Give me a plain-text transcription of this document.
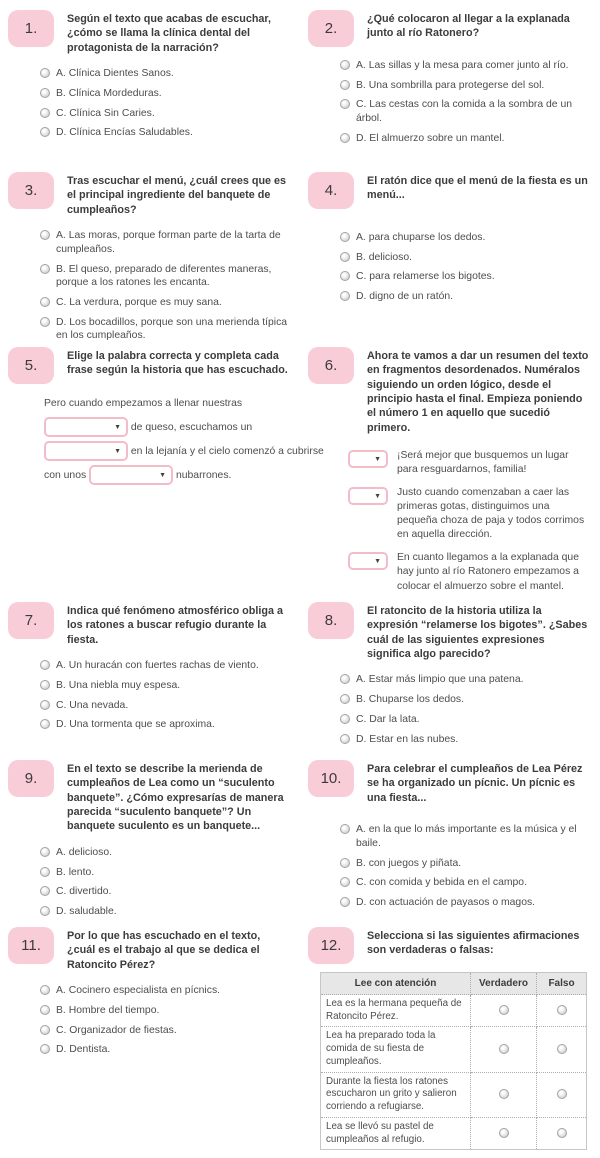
1.
Según el texto que acabas de escuchar, ¿cómo se llama la clínica dental del protagonista de la narración?
A. Clínica Dientes Sanos.
B. Clínica Mordeduras.
C. Clínica Sin Caries.
D. Clínica Encías Saludables.
2.
¿Qué colocaron al llegar a la explanada junto al río Ratonero?
A. Las sillas y la mesa para comer junto al río.
B. Una sombrilla para protegerse del sol.
C. Las cestas con la comida a la sombra de un árbol.
D. El almuerzo sobre un mantel.
3.
Tras escuchar el menú, ¿cuál crees que es el principal ingrediente del banquete de cumpleaños?
A. Las moras, porque forman parte de la tarta de cumpleaños.
B. El queso, preparado de diferentes maneras, porque a los ratones les encanta.
C. La verdura, porque es muy sana.
D. Los bocadillos, porque son una merienda típica en los cumpleaños.
4.
El ratón dice que el menú de la fiesta es un menú...
A. para chuparse los dedos.
B. delicioso.
C. para relamerse los bigotes.
D. digno de un ratón.
5.
Elige la palabra correcta y completa cada frase según la historia que has escuchado.
Pero cuando empezamos a llenar nuestras
▼ de queso, escuchamos un
▼ en la lejanía y el cielo comenzó a cubrirse con unos	▼ nubarrones.
6.
Ahora te vamos a dar un resumen del texto en fragmentos desordenados. Numéralos siguiendo un orden lógico, desde el principio hasta el final. Empieza poniendo el número 1 en aquello que sucedió primero.
▼ ¡Será mejor que busquemos un lugar para resguardarnos, familia!
▼ Justo cuando comenzaban a caer las primeras gotas, distinguimos una pequeña choza de paja y todos corrimos en aquella dirección.
▼ En cuanto llegamos a la explanada que hay junto al río Ratonero empezamos a colocar el almuerzo sobre el mantel.
7.
Indica qué fenómeno atmosférico obliga a los ratones a buscar refugio durante la fiesta.
A. Un huracán con fuertes rachas de viento.
B. Una niebla muy espesa.
C. Una nevada.
D. Una tormenta que se aproxima.
8.
El ratoncito de la historia utiliza la expresión “relamerse los bigotes”. ¿Sabes cuál de las siguientes expresiones significa algo parecido?
A. Estar más limpio que una patena.
B. Chuparse los dedos.
C. Dar la lata.
D. Estar en las nubes.
9.
En el texto se describe la merienda de cumpleaños de Lea como un “suculento banquete”. ¿Cómo expresarías de manera parecida “suculento banquete”? Un banquete suculento es un banquete...
A. delicioso.
B. lento.
C. divertido.
D. saludable.
10.
Para celebrar el cumpleaños de Lea Pérez se ha organizado un pícnic. Un pícnic es una fiesta...
A. en la que lo más importante es la música y el baile.
B. con juegos y piñata.
C. con comida y bebida en el campo.
D. con actuación de payasos o magos.
11.
Por lo que has escuchado en el texto, ¿cuál es el trabajo al que se dedica el Ratoncito Pérez?
A. Cocinero especialista en pícnics.
B. Hombre del tiempo.
C. Organizador de fiestas.
D. Dentista.
12.
Selecciona si las siguientes afirmaciones son verdaderas o falsas:
Lee con atención	Verdadero	Falso
Lea es la hermana pequeña de Ratoncito Pérez.		
Lea ha preparado toda la comida de su fiesta de cumpleaños.		
Durante la fiesta los ratones escucharon un grito y salieron corriendo a refugiarse.		
Lea se llevó su pastel de cumpleaños al refugio.		
